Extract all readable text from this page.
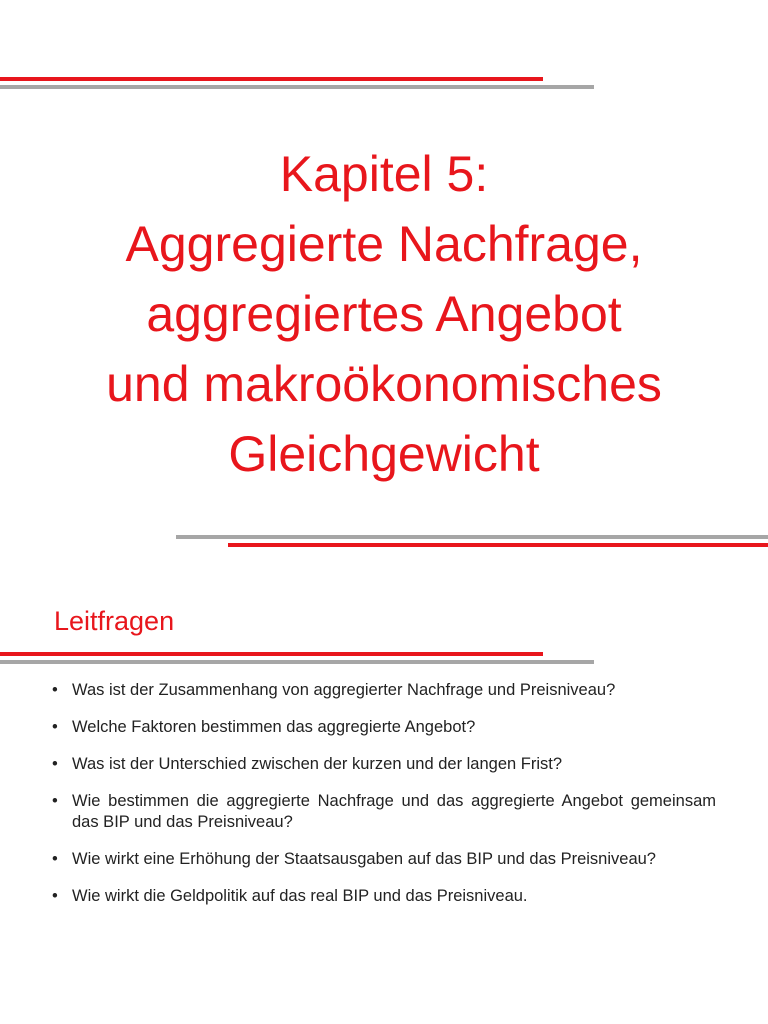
Kapitel 5:
Aggregierte Nachfrage,
aggregiertes Angebot
und makroökonomisches
Gleichgewicht
Leitfragen
• Was ist der Zusammenhang von aggregierter Nachfrage und Preisniveau?
• Welche Faktoren bestimmen das aggregierte Angebot?
• Was ist der Unterschied zwischen der kurzen und der langen Frist?
• Wie bestimmen die aggregierte Nachfrage und das aggregierte Angebot gemeinsam das BIP und das Preisniveau?
• Wie wirkt eine Erhöhung der Staatsausgaben auf das BIP und das Preisniveau?
• Wie wirkt die Geldpolitik auf das real BIP und das Preisniveau.
